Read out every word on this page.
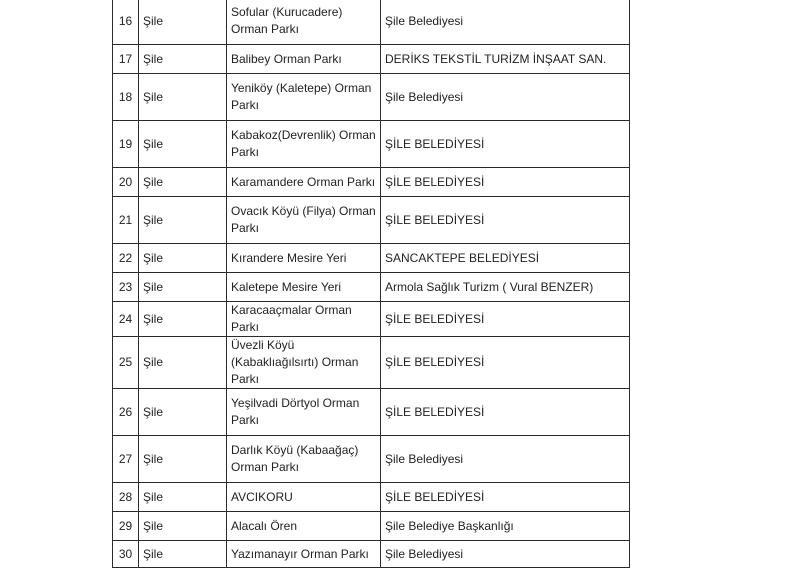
16	Şile	Sofular (Kurucadere) Orman Parkı	Şile Belediyesi
17	Şile	Balibey Orman Parkı	DERİKS TEKSTİL TURİZM İNŞAAT SAN.
18	Şile	Yeniköy (Kaletepe) Orman Parkı	Şile Belediyesi
19	Şile	Kabakoz(Devrenlik) Orman Parkı	ŞİLE BELEDİYESİ
20	Şile	Karamandere Orman Parkı	ŞİLE BELEDİYESİ
21	Şile	Ovacık Köyü (Filya) Orman Parkı	ŞİLE BELEDİYESİ
22	Şile	Kırandere Mesire Yeri	SANCAKTEPE BELEDİYESİ
23	Şile	Kaletepe Mesire Yeri	Armola Sağlık Turizm ( Vural BENZER)
24	Şile	Karacaaçmalar Orman Parkı	ŞİLE BELEDİYESİ
25	Şile	Üvezli Köyü (Kabaklıağılsırtı) Orman Parkı	ŞİLE BELEDİYESİ
26	Şile	Yeşilvadi Dörtyol Orman Parkı	ŞİLE BELEDİYESİ
27	Şile	Darlık Köyü (Kabaağaç) Orman Parkı	Şile Belediyesi
28	Şile	AVCIKORU	ŞİLE BELEDİYESİ
29	Şile	Alacalı Ören	Şile Belediye Başkanlığı
30	Şile	Yazımanayır Orman Parkı	Şile Belediyesi
